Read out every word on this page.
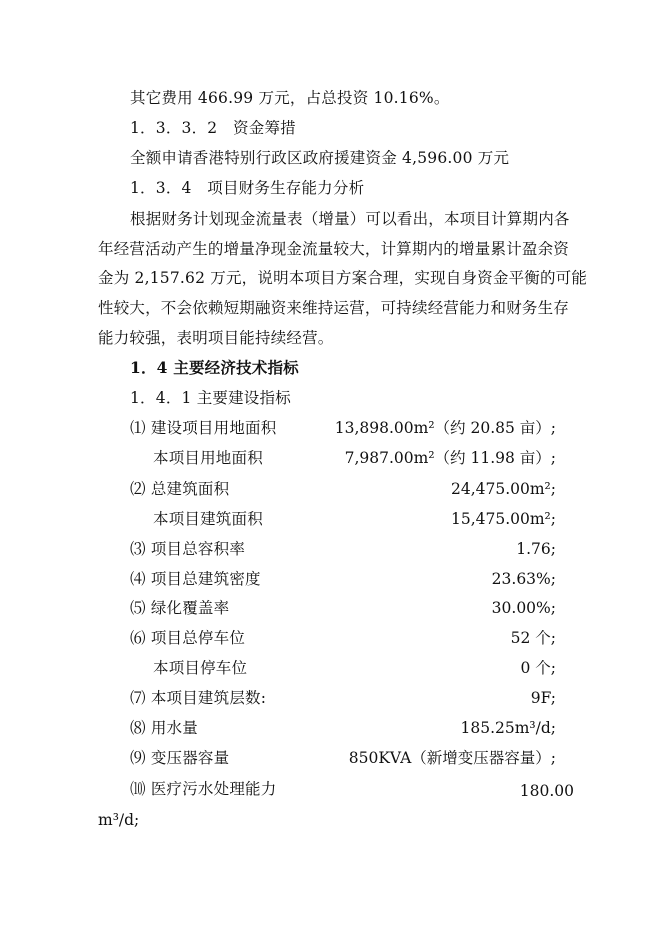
其它费用 466.99 万元，占总投资 10.16%。
1．3．3．2　资金筹措
全额申请香港特别行政区政府援建资金 4,596.00 万元
1．3．4　项目财务生存能力分析
根据财务计划现金流量表（增量）可以看出，本项目计算期内各
年经营活动产生的增量净现金流量较大，计算期内的增量累计盈余资
金为 2,157.62 万元，说明本项目方案合理，实现自身资金平衡的可能
性较大，不会依赖短期融资来维持运营，可持续经营能力和财务生存
能力较强，表明项目能持续经营。
1．4 主要经济技术指标
1．4．1 主要建设指标
⑴ 建设项目用地面积	13,898.00m²（约 20.85 亩）;
本项目用地面积	7,987.00m²（约 11.98 亩）;
⑵ 总建筑面积	24,475.00m²;
本项目建筑面积	15,475.00m²;
⑶ 项目总容积率	1.76;
⑷ 项目总建筑密度	23.63%;
⑸ 绿化覆盖率	30.00%;
⑹ 项目总停车位	52 个;
本项目停车位	0 个;
⑺ 本项目建筑层数:	9F;
⑻ 用水量	185.25m³/d;
⑼ 变压器容量	850KVA（新增变压器容量）;
⑽ 医疗污水处理能力	180.00
m³/d;
